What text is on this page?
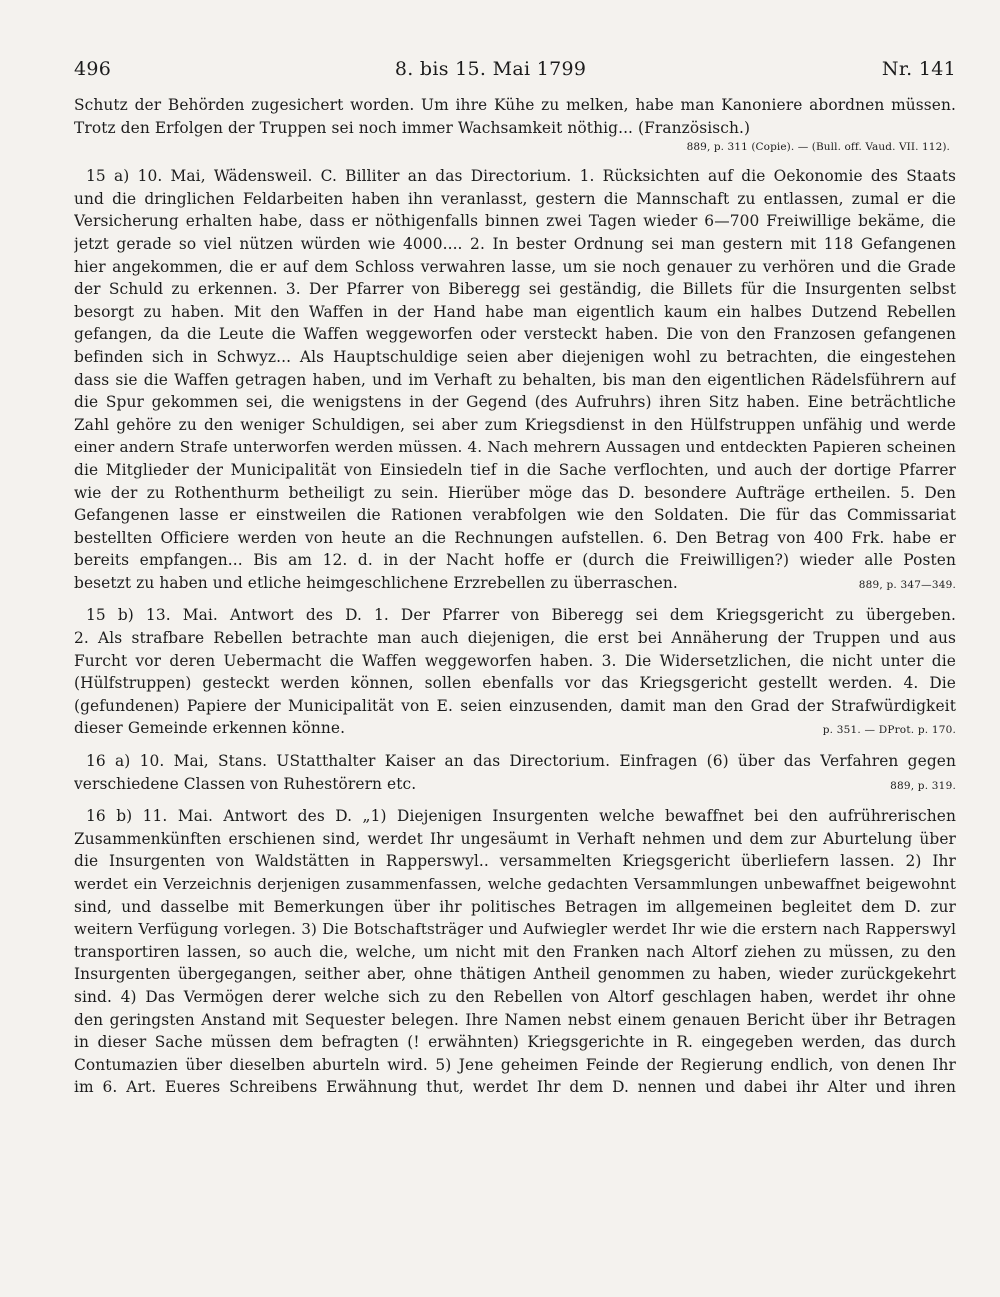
496	8. bis 15. Mai 1799	Nr. 141
Schutz der Behörden zugesichert worden. Um ihre Kühe zu melken, habe man Kanoniere abordnen müssen.
Trotz den Erfolgen der Truppen sei noch immer Wachsamkeit nöthig... (Französisch.)
889, p. 311 (Copie). — (Bull. off. Vaud. VII. 112).
15 a) 10. Mai, Wädensweil. C. Billiter an das Directorium. 1. Rücksichten auf die Oekonomie des Staats
und die dringlichen Feldarbeiten haben ihn veranlasst, gestern die Mannschaft zu entlassen, zumal er die
Versicherung erhalten habe, dass er nöthigenfalls binnen zwei Tagen wieder 6—700 Freiwillige bekäme, die
jetzt gerade so viel nützen würden wie 4000.... 2. In bester Ordnung sei man gestern mit 118 Gefangenen
hier angekommen, die er auf dem Schloss verwahren lasse, um sie noch genauer zu verhören und die Grade
der Schuld zu erkennen. 3. Der Pfarrer von Biberegg sei geständig, die Billets für die Insurgenten selbst
besorgt zu haben. Mit den Waffen in der Hand habe man eigentlich kaum ein halbes Dutzend Rebellen
gefangen, da die Leute die Waffen weggeworfen oder versteckt haben. Die von den Franzosen gefangenen
befinden sich in Schwyz... Als Hauptschuldige seien aber diejenigen wohl zu betrachten, die eingestehen
dass sie die Waffen getragen haben, und im Verhaft zu behalten, bis man den eigentlichen Rädelsführern auf
die Spur gekommen sei, die wenigstens in der Gegend (des Aufruhrs) ihren Sitz haben. Eine beträchtliche
Zahl gehöre zu den weniger Schuldigen, sei aber zum Kriegsdienst in den Hülfstruppen unfähig und werde
einer andern Strafe unterworfen werden müssen. 4. Nach mehrern Aussagen und entdeckten Papieren scheinen
die Mitglieder der Municipalität von Einsiedeln tief in die Sache verflochten, und auch der dortige Pfarrer
wie der zu Rothenthurm betheiligt zu sein. Hierüber möge das D. besondere Aufträge ertheilen. 5. Den
Gefangenen lasse er einstweilen die Rationen verabfolgen wie den Soldaten. Die für das Commissariat
bestellten Officiere werden von heute an die Rechnungen aufstellen. 6. Den Betrag von 400 Frk. habe er
bereits empfangen... Bis am 12. d. in der Nacht hoffe er (durch die Freiwilligen?) wieder alle Posten
besetzt zu haben und etliche heimgeschlichene Erzrebellen zu überraschen.	889, p. 347—349.
15 b) 13. Mai. Antwort des D. 1. Der Pfarrer von Biberegg sei dem Kriegsgericht zu übergeben.
2. Als strafbare Rebellen betrachte man auch diejenigen, die erst bei Annäherung der Truppen und aus
Furcht vor deren Uebermacht die Waffen weggeworfen haben. 3. Die Widersetzlichen, die nicht unter die
(Hülfstruppen) gesteckt werden können, sollen ebenfalls vor das Kriegsgericht gestellt werden. 4. Die
(gefundenen) Papiere der Municipalität von E. seien einzusenden, damit man den Grad der Strafwürdigkeit
dieser Gemeinde erkennen könne.	p. 351. — DProt. p. 170.
16 a) 10. Mai, Stans. UStatthalter Kaiser an das Directorium. Einfragen (6) über das Verfahren gegen
verschiedene Classen von Ruhestörern etc.	889, p. 319.
16 b) 11. Mai. Antwort des D. „1) Diejenigen Insurgenten welche bewaffnet bei den aufrührerischen
Zusammenkünften erschienen sind, werdet Ihr ungesäumt in Verhaft nehmen und dem zur Aburtelung über
die Insurgenten von Waldstätten in Rapperswyl.. versammelten Kriegsgericht überliefern lassen. 2) Ihr
werdet ein Verzeichnis derjenigen zusammenfassen, welche gedachten Versammlungen unbewaffnet beigewohnt
sind, und dasselbe mit Bemerkungen über ihr politisches Betragen im allgemeinen begleitet dem D. zur
weitern Verfügung vorlegen. 3) Die Botschaftsträger und Aufwiegler werdet Ihr wie die erstern nach Rapperswyl
transportiren lassen, so auch die, welche, um nicht mit den Franken nach Altorf ziehen zu müssen, zu den
Insurgenten übergegangen, seither aber, ohne thätigen Antheil genommen zu haben, wieder zurückgekehrt
sind. 4) Das Vermögen derer welche sich zu den Rebellen von Altorf geschlagen haben, werdet ihr ohne
den geringsten Anstand mit Sequester belegen. Ihre Namen nebst einem genauen Bericht über ihr Betragen
in dieser Sache müssen dem befragten (! erwähnten) Kriegsgerichte in R. eingegeben werden, das durch
Contumazien über dieselben aburteln wird. 5) Jene geheimen Feinde der Regierung endlich, von denen Ihr
im 6. Art. Eueres Schreibens Erwähnung thut, werdet Ihr dem D. nennen und dabei ihr Alter und ihren
